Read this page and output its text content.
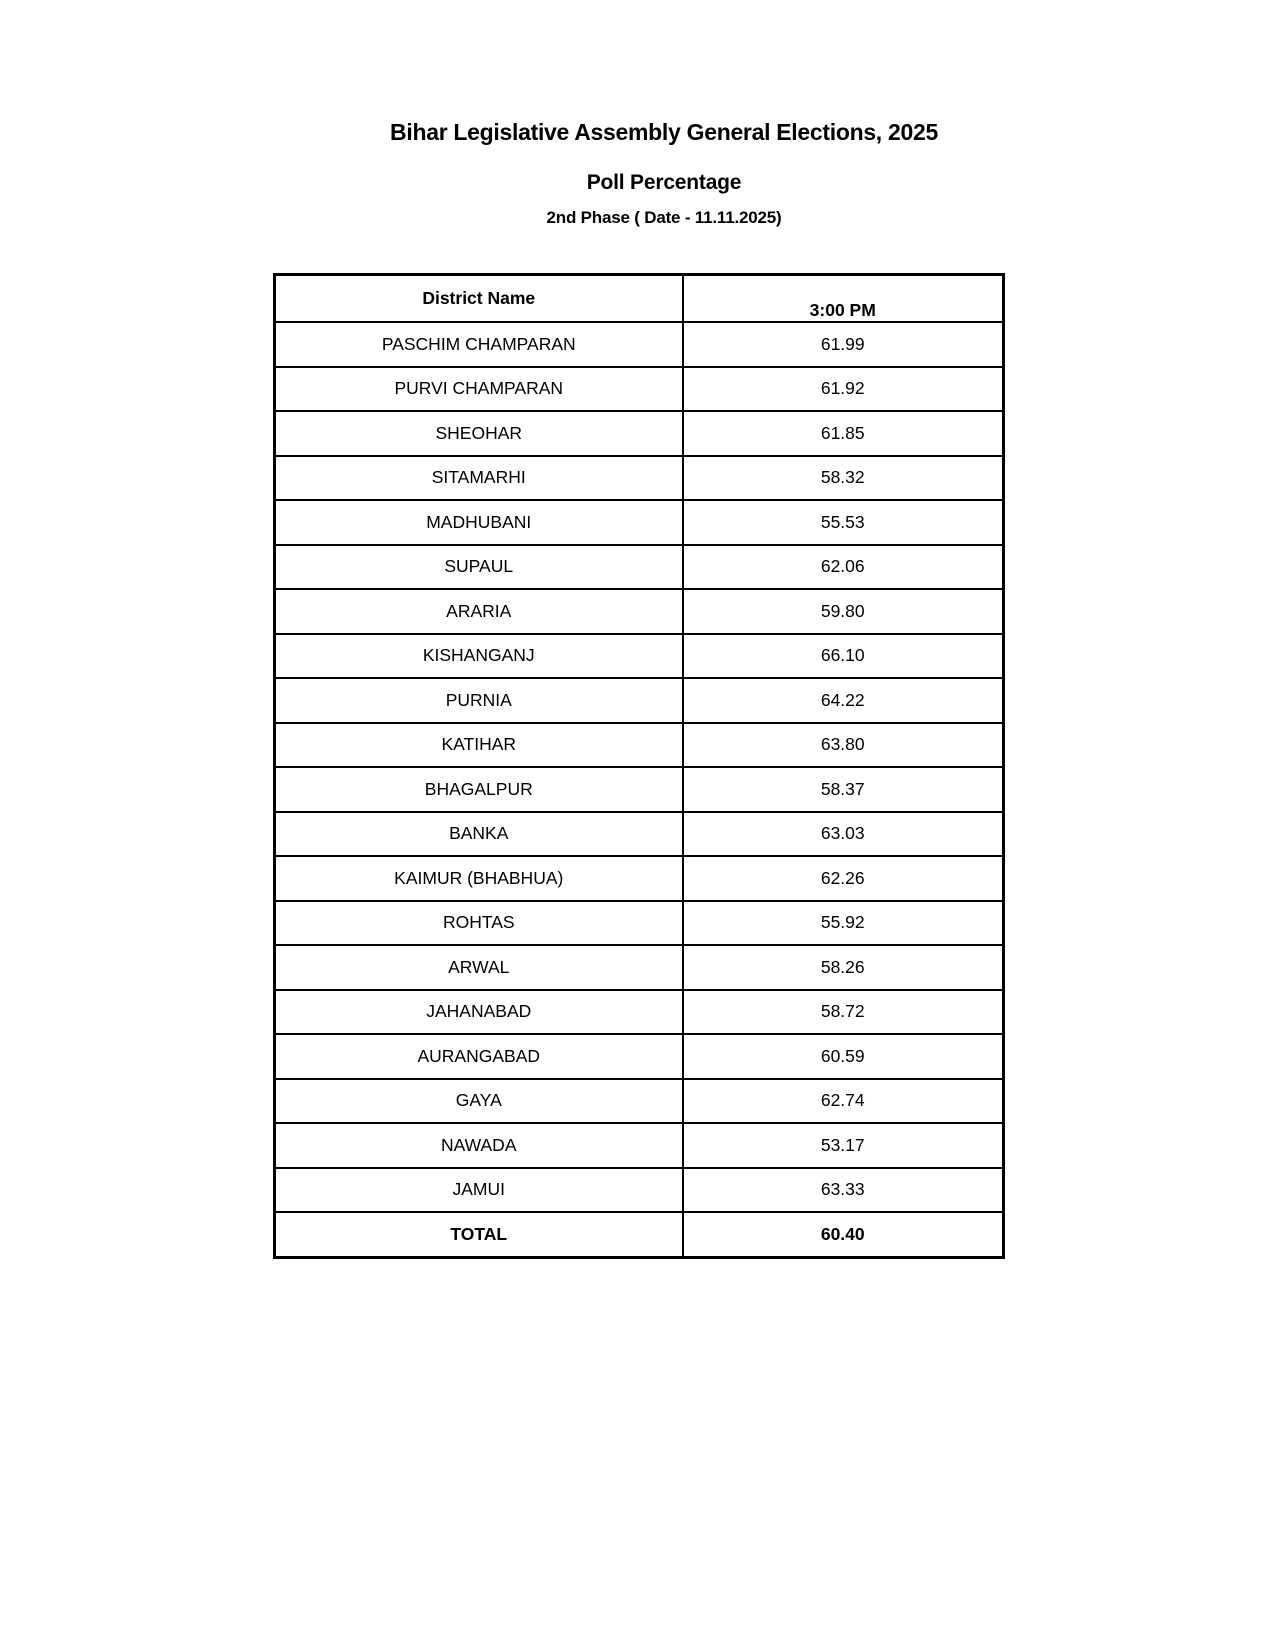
Bihar Legislative Assembly General Elections, 2025
Poll Percentage
2nd Phase ( Date - 11.11.2025)
District Name	3:00 PM
PASCHIM CHAMPARAN	61.99
PURVI CHAMPARAN	61.92
SHEOHAR	61.85
SITAMARHI	58.32
MADHUBANI	55.53
SUPAUL	62.06
ARARIA	59.80
KISHANGANJ	66.10
PURNIA	64.22
KATIHAR	63.80
BHAGALPUR	58.37
BANKA	63.03
KAIMUR (BHABHUA)	62.26
ROHTAS	55.92
ARWAL	58.26
JAHANABAD	58.72
AURANGABAD	60.59
GAYA	62.74
NAWADA	53.17
JAMUI	63.33
TOTAL	60.40
